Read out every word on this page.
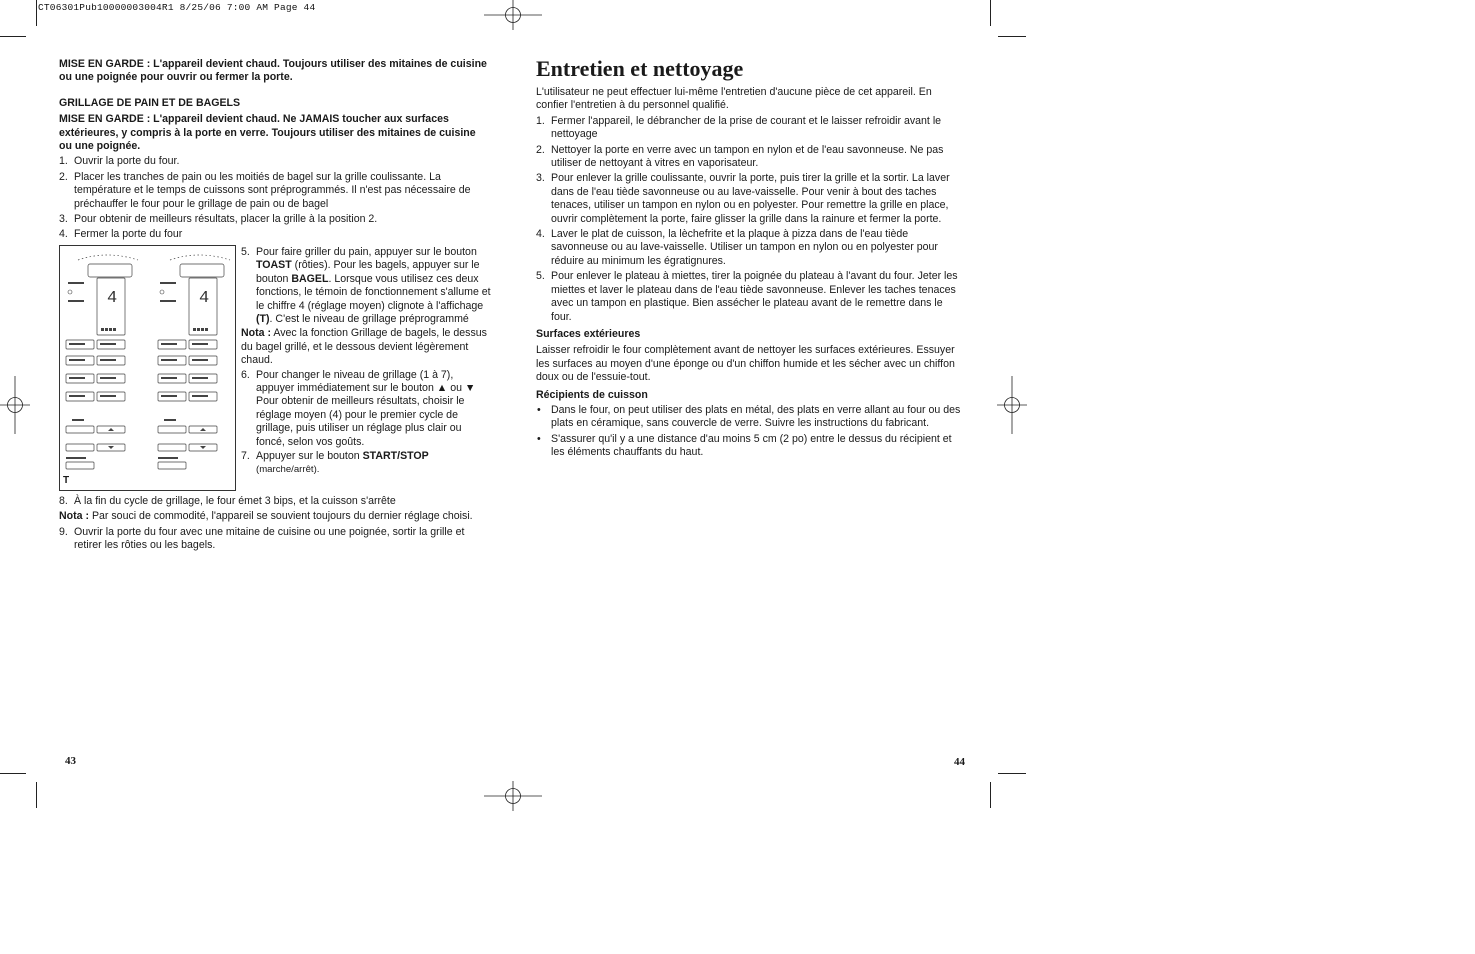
CT06301Pub10000003004R1 8/25/06 7:00 AM Page 44

MISE EN GARDE : L'appareil devient chaud. Toujours utiliser des mitaines de cuisine ou une poignée pour ouvrir ou fermer la porte.

GRILLAGE DE PAIN ET DE BAGELS

MISE EN GARDE : L'appareil devient chaud. Ne JAMAIS toucher aux surfaces extérieures, y compris à la porte en verre. Toujours utiliser des mitaines de cuisine ou une poignée.

1. Ouvrir la porte du four.
2. Placer les tranches de pain ou les moitiés de bagel sur la grille coulissante. La température et le temps de cuissons sont préprogrammés. Il n'est pas nécessaire de préchauffer le four pour le grillage de pain ou de bagel
3. Pour obtenir de meilleurs résultats, placer la grille à la position 2.
4. Fermer la porte du four
4	4
T
5. Pour faire griller du pain, appuyer sur le bouton TOAST (rôties). Pour les bagels, appuyer sur le bouton BAGEL. Lorsque vous utilisez ces deux fonctions, le témoin de fonctionnement s'allume et le chiffre 4 (réglage moyen) clignote à l'affichage (T). C'est le niveau de grillage préprogrammé

Nota : Avec la fonction Grillage de bagels, le dessus du bagel grillé, et le dessous devient légèrement chaud.

6. Pour changer le niveau de grillage (1 à 7), appuyer immédiatement sur le bouton ▲ ou ▼ Pour obtenir de meilleurs résultats, choisir le réglage moyen (4) pour le premier cycle de grillage, puis utiliser un réglage plus clair ou foncé, selon vos goûts.
7. Appuyer sur le bouton START/STOP (marche/arrêt).
8. À la fin du cycle de grillage, le four émet 3 bips, et la cuisson s'arrête

Nota : Par souci de commodité, l'appareil se souvient toujours du dernier réglage choisi.

9. Ouvrir la porte du four avec une mitaine de cuisine ou une poignée, sortir la grille et retirer les rôties ou les bagels.
43
Entretien et nettoyage

L'utilisateur ne peut effectuer lui-même l'entretien d'aucune pièce de cet appareil. En confier l'entretien à du personnel qualifié.

1. Fermer l'appareil, le débrancher de la prise de courant et le laisser refroidir avant le nettoyage
2. Nettoyer la porte en verre avec un tampon en nylon et de l'eau savonneuse. Ne pas utiliser de nettoyant à vitres en vaporisateur.
3. Pour enlever la grille coulissante, ouvrir la porte, puis tirer la grille et la sortir. La laver dans de l'eau tiède savonneuse ou au lave-vaisselle. Pour venir à bout des taches tenaces, utiliser un tampon en nylon ou en polyester. Pour remettre la grille en place, ouvrir complètement la porte, faire glisser la grille dans la rainure et fermer la porte.
4. Laver le plat de cuisson, la lèchefrite et la plaque à pizza dans de l'eau tiède savonneuse ou au lave-vaisselle. Utiliser un tampon en nylon ou en polyester pour réduire au minimum les égratignures.
5. Pour enlever le plateau à miettes, tirer la poignée du plateau à l'avant du four. Jeter les miettes et laver le plateau dans de l'eau tiède savonneuse. Enlever les taches tenaces avec un tampon en plastique. Bien assécher le plateau avant de le remettre dans le four.

Surfaces extérieures

Laisser refroidir le four complètement avant de nettoyer les surfaces extérieures. Essuyer les surfaces au moyen d'une éponge ou d'un chiffon humide et les sécher avec un chiffon doux ou de l'essuie-tout.

Récipients de cuisson

• Dans le four, on peut utiliser des plats en métal, des plats en verre allant au four ou des plats en céramique, sans couvercle de verre. Suivre les instructions du fabricant.
• S'assurer qu'il y a une distance d'au moins 5 cm (2 po) entre le dessus du récipient et les éléments chauffants du haut.
44
